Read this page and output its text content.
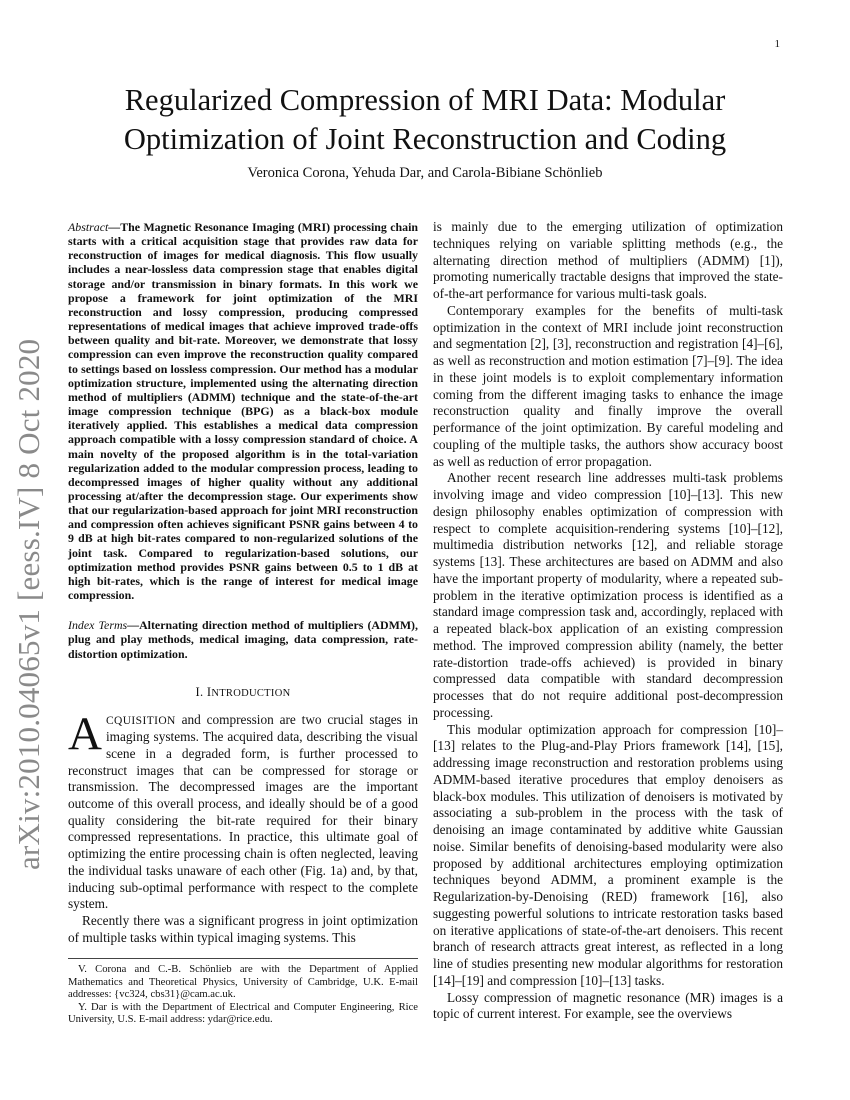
1
arXiv:2010.04065v1 [eess.IV] 8 Oct 2020
Regularized Compression of MRI Data: Modular Optimization of Joint Reconstruction and Coding
Veronica Corona, Yehuda Dar, and Carola-Bibiane Schönlieb

Abstract—The Magnetic Resonance Imaging (MRI) processing chain starts with a critical acquisition stage that provides raw data for reconstruction of images for medical diagnosis. This flow usually includes a near-lossless data compression stage that enables digital storage and/or transmission in binary formats. In this work we propose a framework for joint optimization of the MRI reconstruction and lossy compression, producing compressed representations of medical images that achieve improved trade-offs between quality and bit-rate. Moreover, we demonstrate that lossy compression can even improve the reconstruction quality compared to settings based on lossless compression. Our method has a modular optimization structure, implemented using the alternating direction method of multipliers (ADMM) technique and the state-of-the-art image compression technique (BPG) as a black-box module iteratively applied. This establishes a medical data compression approach compatible with a lossy compression standard of choice. A main novelty of the proposed algorithm is in the total-variation regularization added to the modular compression process, leading to decompressed images of higher quality without any additional processing at/after the decompression stage. Our experiments show that our regularization-based approach for joint MRI reconstruction and compression often achieves significant PSNR gains between 4 to 9 dB at high bit-rates compared to non-regularized solutions of the joint task. Compared to regularization-based solutions, our optimization method provides PSNR gains between 0.5 to 1 dB at high bit-rates, which is the range of interest for medical image compression.

Index Terms—Alternating direction method of multipliers (ADMM), plug and play methods, medical imaging, data compression, rate-distortion optimization.

I. INTRODUCTION

ACQUISITION and compression are two crucial stages in imaging systems. The acquired data, describing the visual scene in a degraded form, is further processed to reconstruct images that can be compressed for storage or transmission. The decompressed images are the important outcome of this overall process, and ideally should be of a good quality considering the bit-rate required for their binary compressed representations. In practice, this ultimate goal of optimizing the entire processing chain is often neglected, leaving the individual tasks unaware of each other (Fig. 1a) and, by that, inducing sub-optimal performance with respect to the complete system.

Recently there was a significant progress in joint optimization of multiple tasks within typical imaging systems. This

V. Corona and C.-B. Schönlieb are with the Department of Applied Mathematics and Theoretical Physics, University of Cambridge, U.K. E-mail addresses: {vc324, cbs31}@cam.ac.uk.

Y. Dar is with the Department of Electrical and Computer Engineering, Rice University, U.S. E-mail address: ydar@rice.edu.

is mainly due to the emerging utilization of optimization techniques relying on variable splitting methods (e.g., the alternating direction method of multipliers (ADMM) [1]), promoting numerically tractable designs that improved the state-of-the-art performance for various multi-task goals.

Contemporary examples for the benefits of multi-task optimization in the context of MRI include joint reconstruction and segmentation [2], [3], reconstruction and registration [4]–[6], as well as reconstruction and motion estimation [7]–[9]. The idea in these joint models is to exploit complementary information coming from the different imaging tasks to enhance the image reconstruction quality and finally improve the overall performance of the joint optimization. By careful modeling and coupling of the multiple tasks, the authors show accuracy boost as well as reduction of error propagation.

Another recent research line addresses multi-task problems involving image and video compression [10]–[13]. This new design philosophy enables optimization of compression with respect to complete acquisition-rendering systems [10]–[12], multimedia distribution networks [12], and reliable storage systems [13]. These architectures are based on ADMM and also have the important property of modularity, where a repeated sub-problem in the iterative optimization process is identified as a standard image compression task and, accordingly, replaced with a repeated black-box application of an existing compression method. The improved compression ability (namely, the better rate-distortion trade-offs achieved) is provided in binary compressed data compatible with standard decompression processes that do not require additional post-decompression processing.

This modular optimization approach for compression [10]–[13] relates to the Plug-and-Play Priors framework [14], [15], addressing image reconstruction and restoration problems using ADMM-based iterative procedures that employ denoisers as black-box modules. This utilization of denoisers is motivated by associating a sub-problem in the process with the task of denoising an image contaminated by additive white Gaussian noise. Similar benefits of denoising-based modularity were also proposed by additional architectures employing optimization techniques beyond ADMM, a prominent example is the Regularization-by-Denoising (RED) framework [16], also suggesting powerful solutions to intricate restoration tasks based on iterative applications of state-of-the-art denoisers. This recent branch of research attracts great interest, as reflected in a long line of studies presenting new modular algorithms for restoration [14]–[19] and compression [10]–[13] tasks.

Lossy compression of magnetic resonance (MR) images is a topic of current interest. For example, see the overviews
